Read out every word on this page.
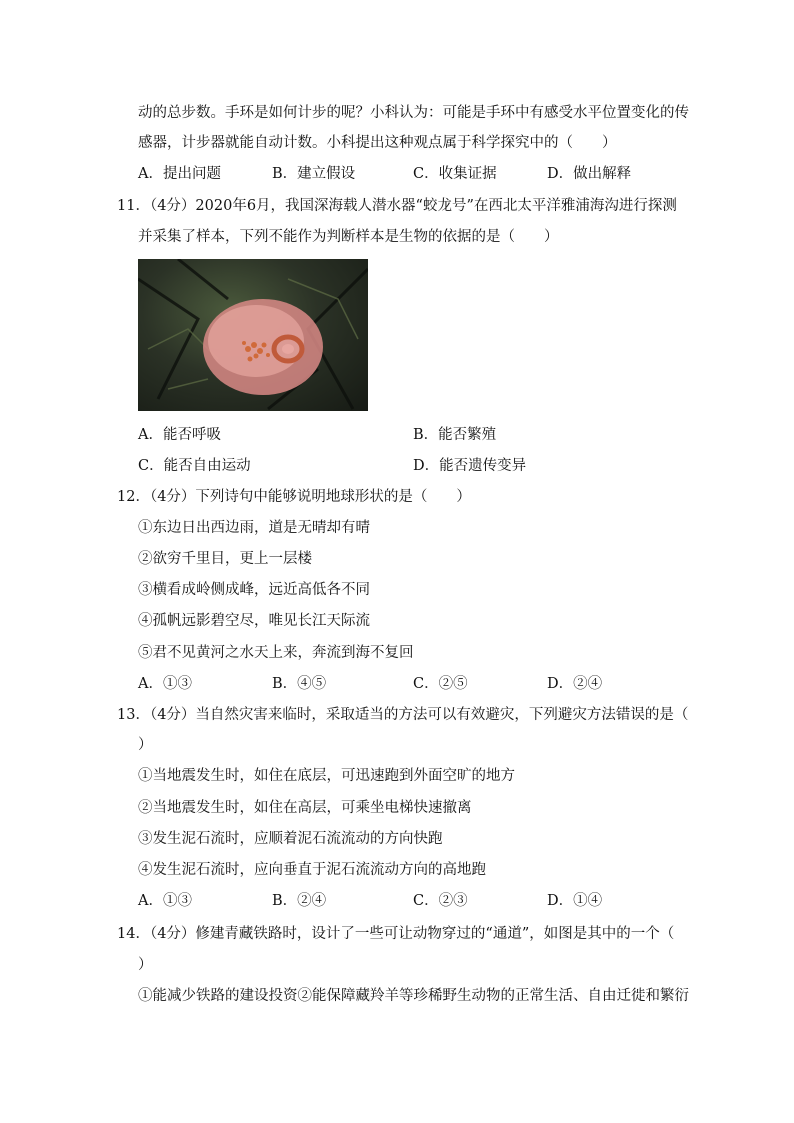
动的总步数。手环是如何计步的呢？小科认为：可能是手环中有感受水平位置变化的传
感器，计步器就能自动计数。小科提出这种观点属于科学探究中的（　　）
A．提出问题	B．建立假设	C．收集证据	D．做出解释
11．（4分）2020年6月，我国深海载人潜水器“蛟龙号”在西北太平洋雅浦海沟进行探测
并采集了样本，下列不能作为判断样本是生物的依据的是（　　）
A．能否呼吸	B．能否繁殖
C．能否自由运动	D．能否遗传变异
12．（4分）下列诗句中能够说明地球形状的是（　　）
①东边日出西边雨，道是无晴却有晴
②欲穷千里目，更上一层楼
③横看成岭侧成峰，远近高低各不同
④孤帆远影碧空尽，唯见长江天际流
⑤君不见黄河之水天上来，奔流到海不复回
A．①③	B．④⑤	C．②⑤	D．②④
13．（4分）当自然灾害来临时，采取适当的方法可以有效避灾，下列避灾方法错误的是（
）
①当地震发生时，如住在底层，可迅速跑到外面空旷的地方
②当地震发生时，如住在高层，可乘坐电梯快速撤离
③发生泥石流时，应顺着泥石流流动的方向快跑
④发生泥石流时，应向垂直于泥石流流动方向的高地跑
A．①③	B．②④	C．②③	D．①④
14．（4分）修建青藏铁路时，设计了一些可让动物穿过的“通道”，如图是其中的一个（
）
①能减少铁路的建设投资②能保障藏羚羊等珍稀野生动物的正常生活、自由迁徙和繁衍
